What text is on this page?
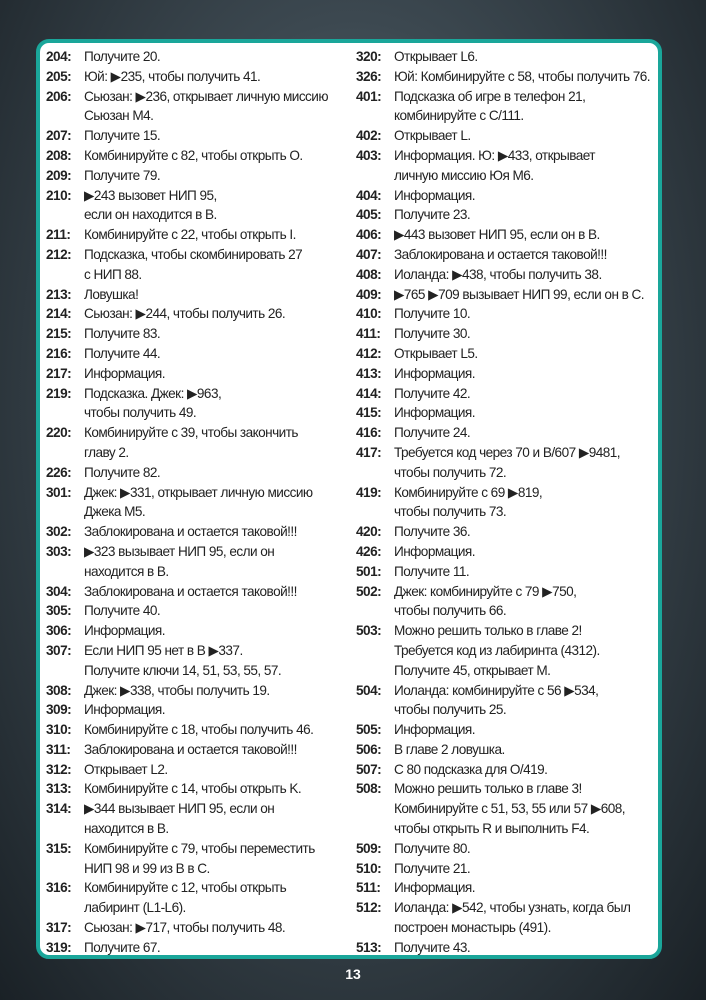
204: Получите 20.
205: Юй: ▶235, чтобы получить 41.
206: Сьюзан: ▶236, открывает личную миссию
Сьюзан М4.
207: Получите 15.
208: Комбинируйте с 82, чтобы открыть O.
209: Получите 79.
210: ▶243 вызовет НИП 95,
если он находится в B.
211: Комбинируйте с 22, чтобы открыть I.
212: Подсказка, чтобы скомбинировать 27
с НИП 88.
213: Ловушка!
214: Сьюзан: ▶244, чтобы получить 26.
215: Получите 83.
216: Получите 44.
217: Информация.
219: Подсказка. Джек: ▶963,
чтобы получить 49.
220: Комбинируйте с 39, чтобы закончить
главу 2.
226: Получите 82.
301: Джек: ▶331, открывает личную миссию
Джека М5.
302: Заблокирована и остается таковой!!!
303: ▶323 вызывает НИП 95, если он
находится в B.
304: Заблокирована и остается таковой!!!
305: Получите 40.
306: Информация.
307: Если НИП 95 нет в B ▶337.
Получите ключи 14, 51, 53, 55, 57.
308: Джек: ▶338, чтобы получить 19.
309: Информация.
310: Комбинируйте с 18, чтобы получить 46.
311: Заблокирована и остается таковой!!!
312: Открывает L2.
313: Комбинируйте с 14, чтобы открыть K.
314: ▶344 вызывает НИП 95, если он
находится в B.
315: Комбинируйте с 79, чтобы переместить
НИП 98 и 99 из B в C.
316: Комбинируйте с 12, чтобы открыть
лабиринт (L1-L6).
317: Сьюзан: ▶717, чтобы получить 48.
319: Получите 67.
320: Открывает L6.
326: Юй: Комбинируйте с 58, чтобы получить 76.
401: Подсказка об игре в телефон 21,
комбинируйте с C/111.
402: Открывает L.
403: Информация. Ю: ▶433, открывает
личную миссию Юя М6.
404: Информация.
405: Получите 23.
406: ▶443 вызовет НИП 95, если он в B.
407: Заблокирована и остается таковой!!!
408: Иоланда: ▶438, чтобы получить 38.
409: ▶765 ▶709 вызывает НИП 99, если он в C.
410: Получите 10.
411: Получите 30.
412: Открывает L5.
413: Информация.
414: Получите 42.
415: Информация.
416: Получите 24.
417: Требуется код через 70 и B/607 ▶9481,
чтобы получить 72.
419: Комбинируйте с 69 ▶819,
чтобы получить 73.
420: Получите 36.
426: Информация.
501: Получите 11.
502: Джек: комбинируйте с 79 ▶750,
чтобы получить 66.
503: Можно решить только в главе 2!
Требуется код из лабиринта (4312).
Получите 45, открывает M.
504: Иоланда: комбинируйте с 56 ▶534,
чтобы получить 25.
505: Информация.
506: В главе 2 ловушка.
507: С 80 подсказка для O/419.
508: Можно решить только в главе 3!
Комбинируйте с 51, 53, 55 или 57 ▶608,
чтобы открыть R и выполнить F4.
509: Получите 80.
510: Получите 21.
511: Информация.
512: Иоланда: ▶542, чтобы узнать, когда был
построен монастырь (491).
513: Получите 43.
13
